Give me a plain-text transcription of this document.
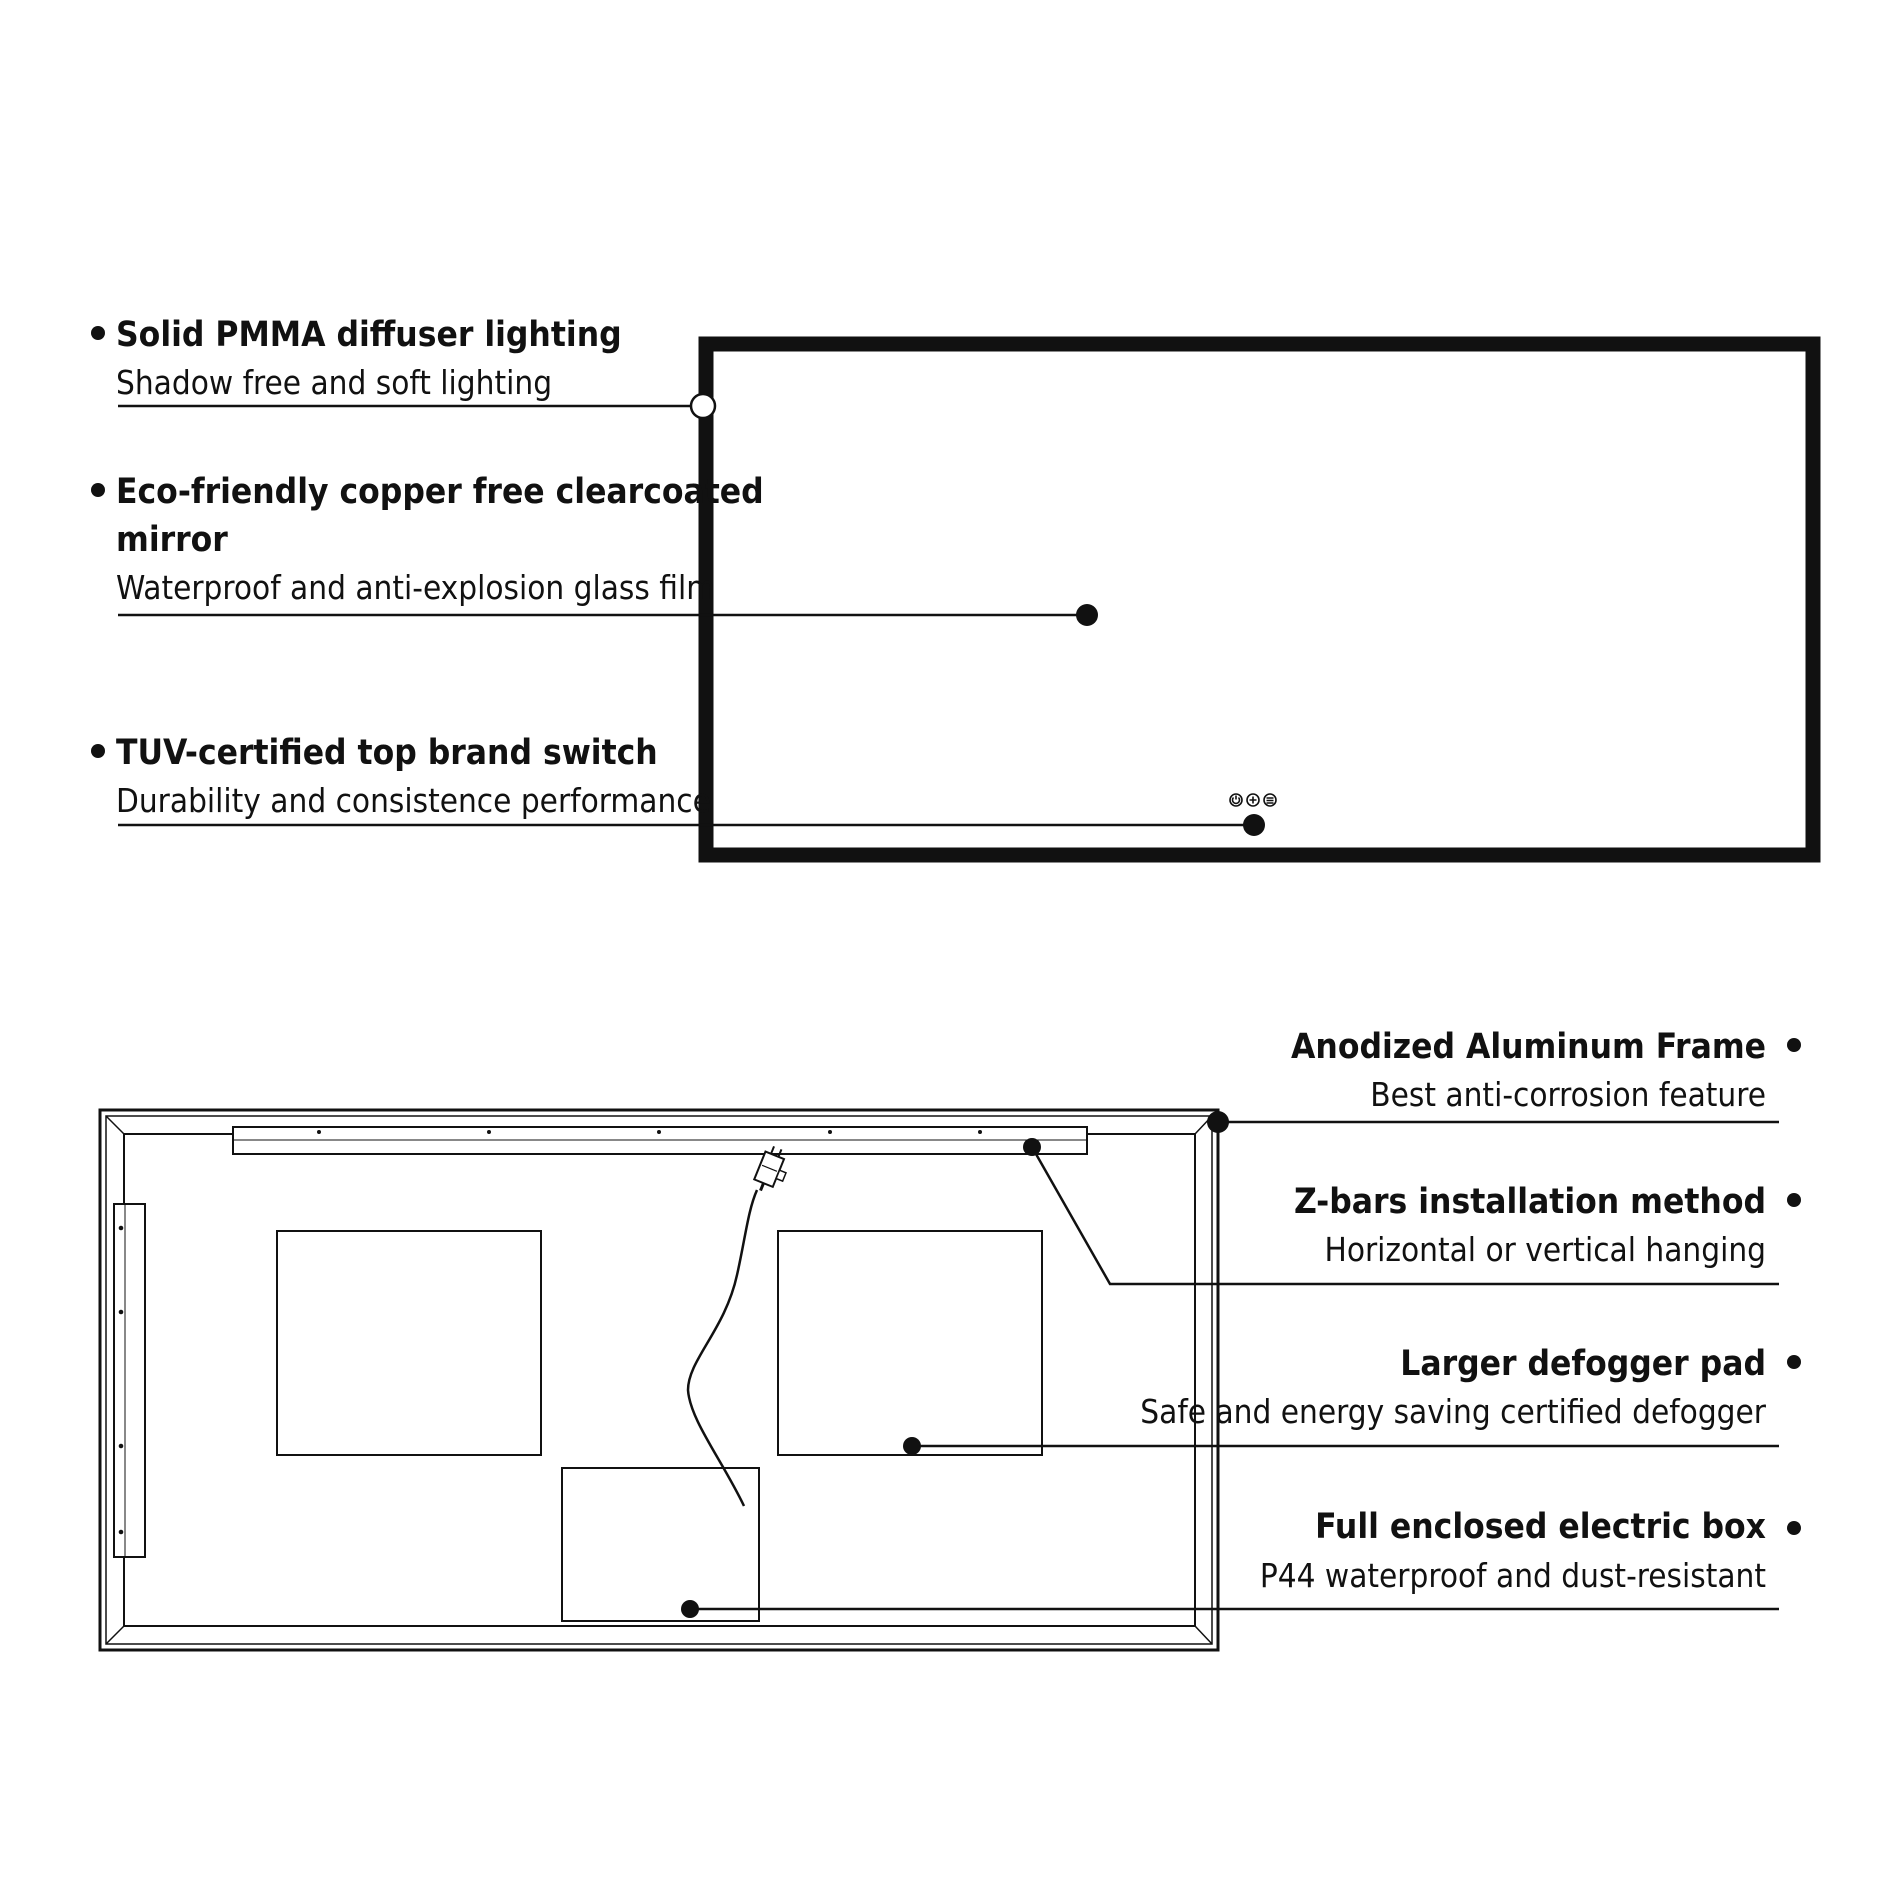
Solid PMMA diffuser lighting
Shadow free and soft lighting
Eco-friendly copper free clearcoated
mirror
Waterproof and anti-explosion glass film
TUV-certified top brand switch
Durability and consistence performance
Anodized Aluminum Frame
Best anti-corrosion feature
Z-bars installation method
Horizontal or vertical hanging
Larger defogger pad
Safe and energy saving certified defogger
Full enclosed electric box
P44 waterproof and dust-resistant
